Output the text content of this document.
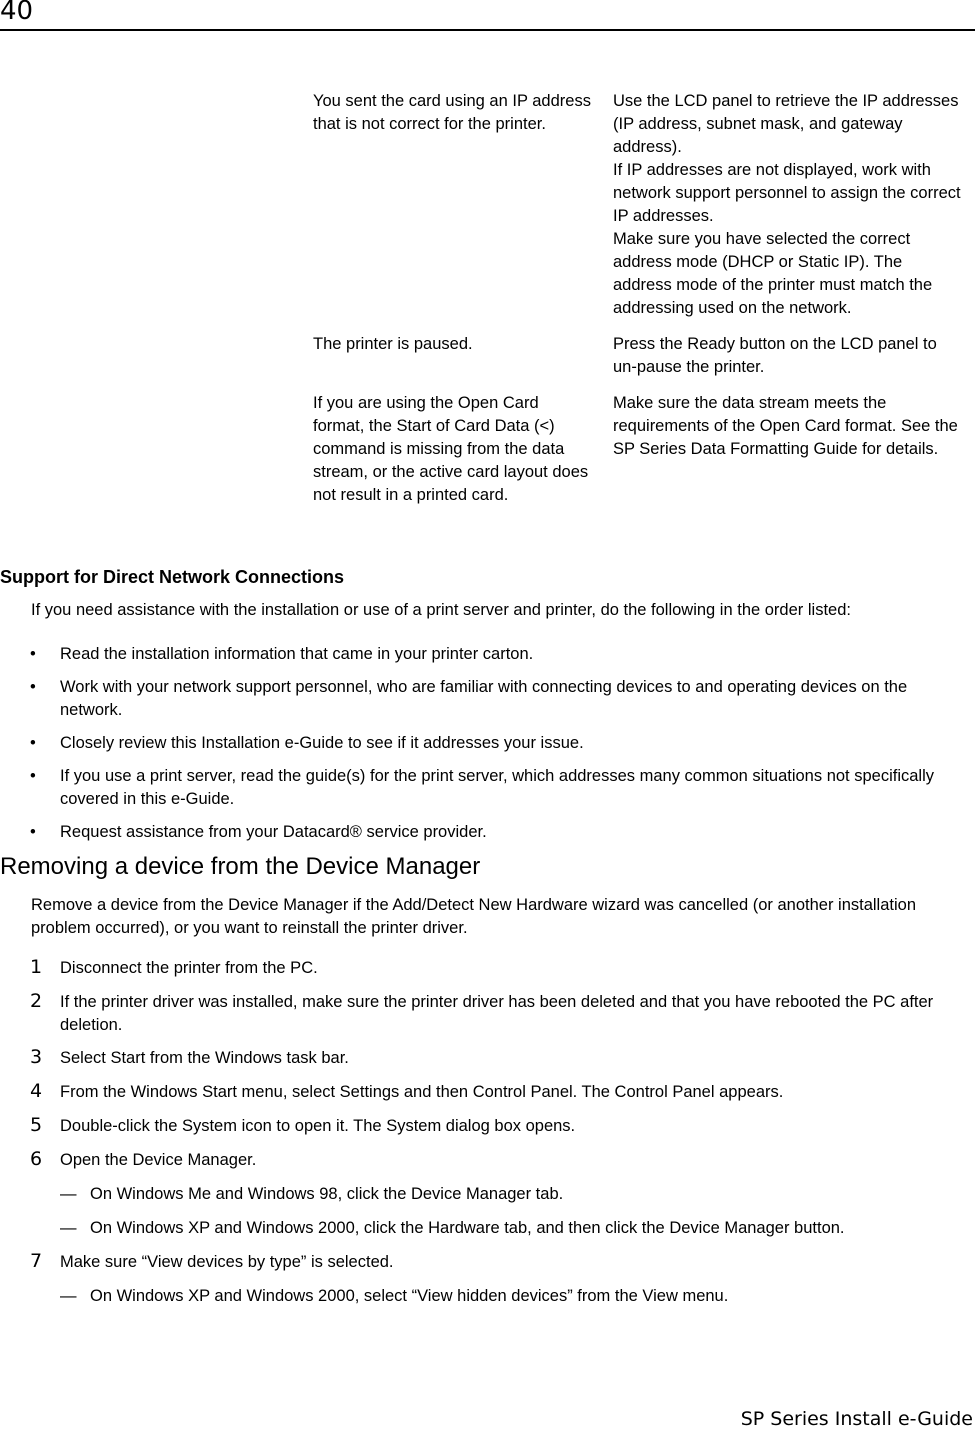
40
You sent the card using an IP address that is not correct for the printer.
Use the LCD panel to retrieve the IP addresses (IP address, subnet mask, and gateway address).
If IP addresses are not displayed, work with network support personnel to assign the correct IP addresses.
Make sure you have selected the correct address mode (DHCP or Static IP). The address mode of the printer must match the addressing used on the network.
The printer is paused.	Press the Ready button on the LCD panel to un-pause the printer.
If you are using the Open Card format, the Start of Card Data (<) command is missing from the data stream, or the active card layout does not result in a printed card.
Make sure the data stream meets the requirements of the Open Card format. See the SP Series Data Formatting Guide for details.
Support for Direct Network Connections
If you need assistance with the installation or use of a print server and printer, do the following in the order listed:
• Read the installation information that came in your printer carton.
• Work with your network support personnel, who are familiar with connecting devices to and operating devices on the network.
• Closely review this Installation e-Guide to see if it addresses your issue.
• If you use a print server, read the guide(s) for the print server, which addresses many common situations not specifically covered in this e-Guide.
• Request assistance from your Datacard® service provider.
Removing a device from the Device Manager
Remove a device from the Device Manager if the Add/Detect New Hardware wizard was cancelled (or another installation problem occurred), or you want to reinstall the printer driver.
1 Disconnect the printer from the PC.
2 If the printer driver was installed, make sure the printer driver has been deleted and that you have rebooted the PC after deletion.
3 Select Start from the Windows task bar.
4 From the Windows Start menu, select Settings and then Control Panel. The Control Panel appears.
5 Double-click the System icon to open it. The System dialog box opens.
6 Open the Device Manager.
— On Windows Me and Windows 98, click the Device Manager tab.
— On Windows XP and Windows 2000, click the Hardware tab, and then click the Device Manager button.
7 Make sure “View devices by type” is selected.
— On Windows XP and Windows 2000, select “View hidden devices” from the View menu.
SP Series Install e-Guide
